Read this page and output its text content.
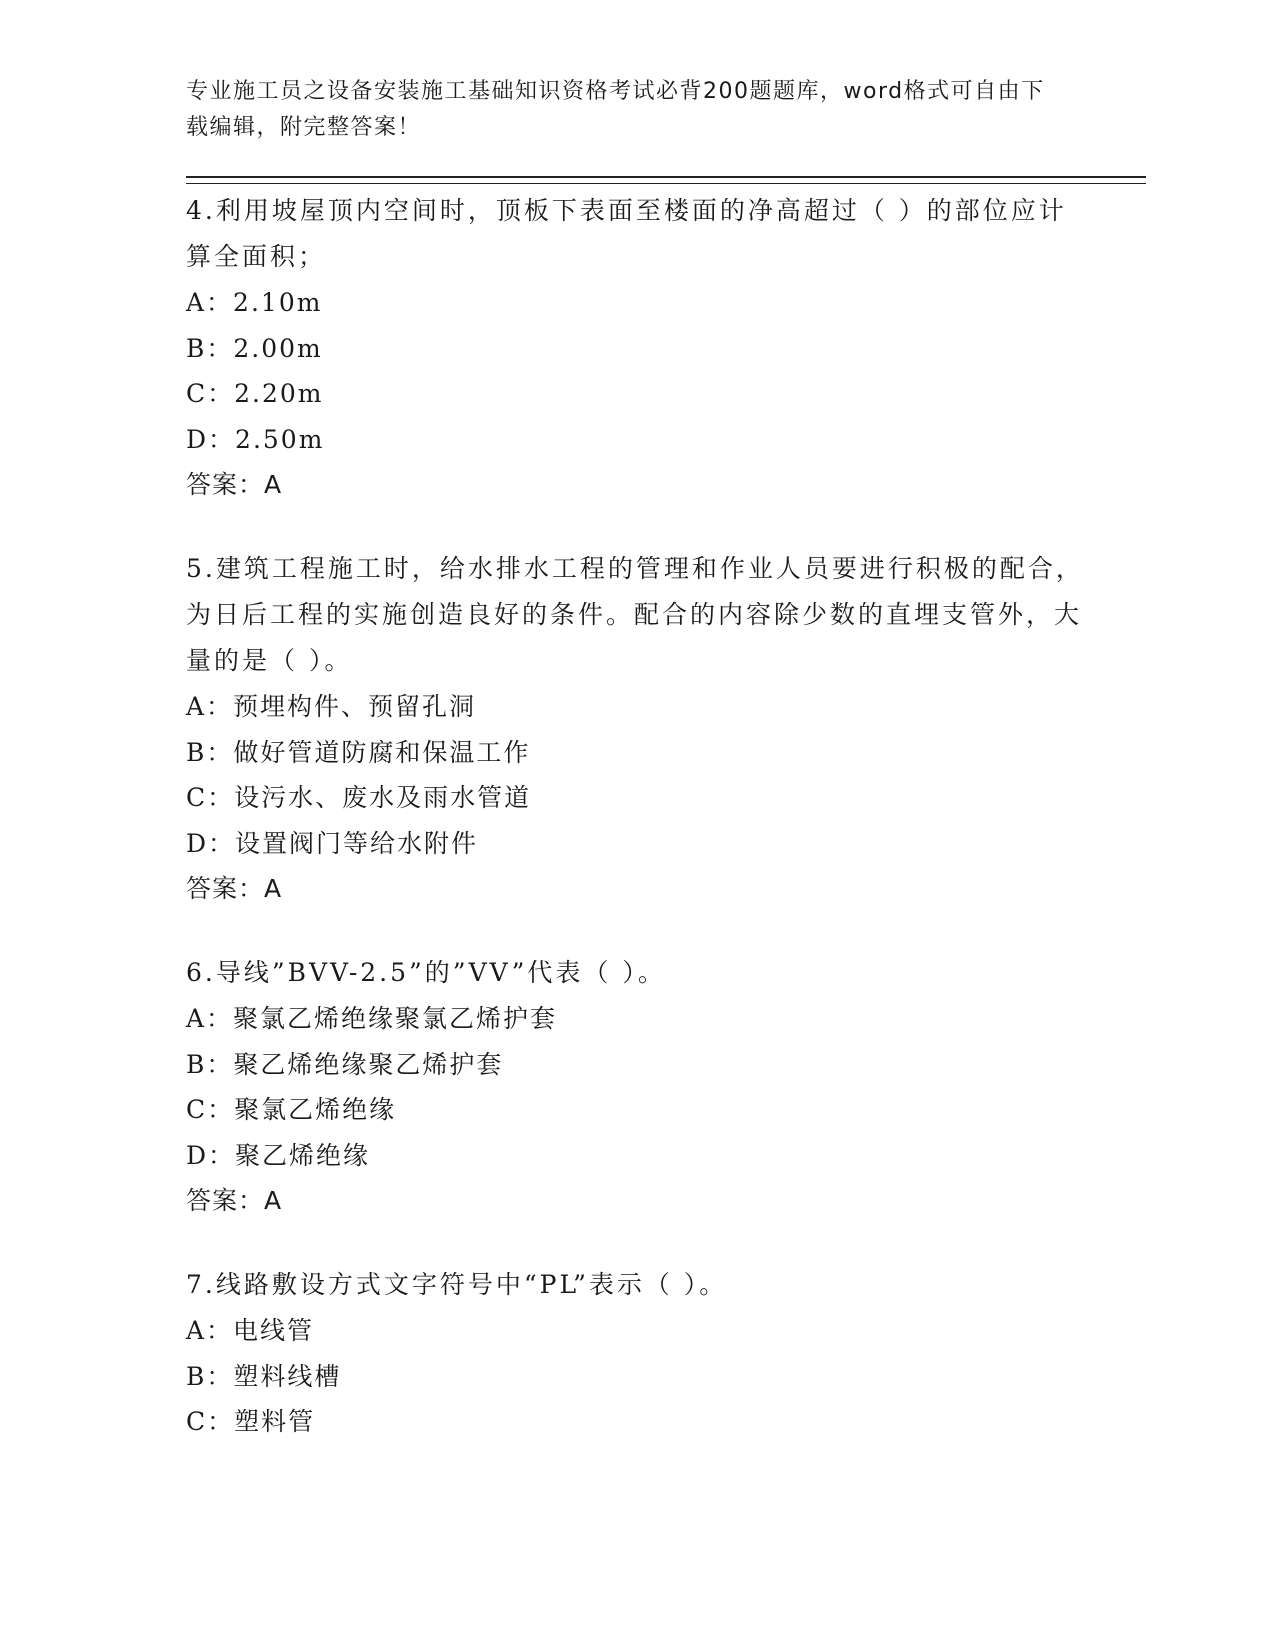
专业施工员之设备安装施工基础知识资格考试必背200题题库，word格式可自由下载编辑，附完整答案！
4.利用坡屋顶内空间时，顶板下表面至楼面的净高超过（ ）的部位应计算全面积；
A：2.10m
B：2.00m
C：2.20m
D：2.50m
答案：A
5.建筑工程施工时，给水排水工程的管理和作业人员要进行积极的配合，为日后工程的实施创造良好的条件。配合的内容除少数的直埋支管外，大量的是（ ）。
A：预埋构件、预留孔洞
B：做好管道防腐和保温工作
C：设污水、废水及雨水管道
D：设置阀门等给水附件
答案：A
6.导线”BVV-2.5”的”VV”代表（ ）。
A：聚氯乙烯绝缘聚氯乙烯护套
B：聚乙烯绝缘聚乙烯护套
C：聚氯乙烯绝缘
D：聚乙烯绝缘
答案：A
7.线路敷设方式文字符号中“PL”表示（ ）。
A：电线管
B：塑料线槽
C：塑料管
